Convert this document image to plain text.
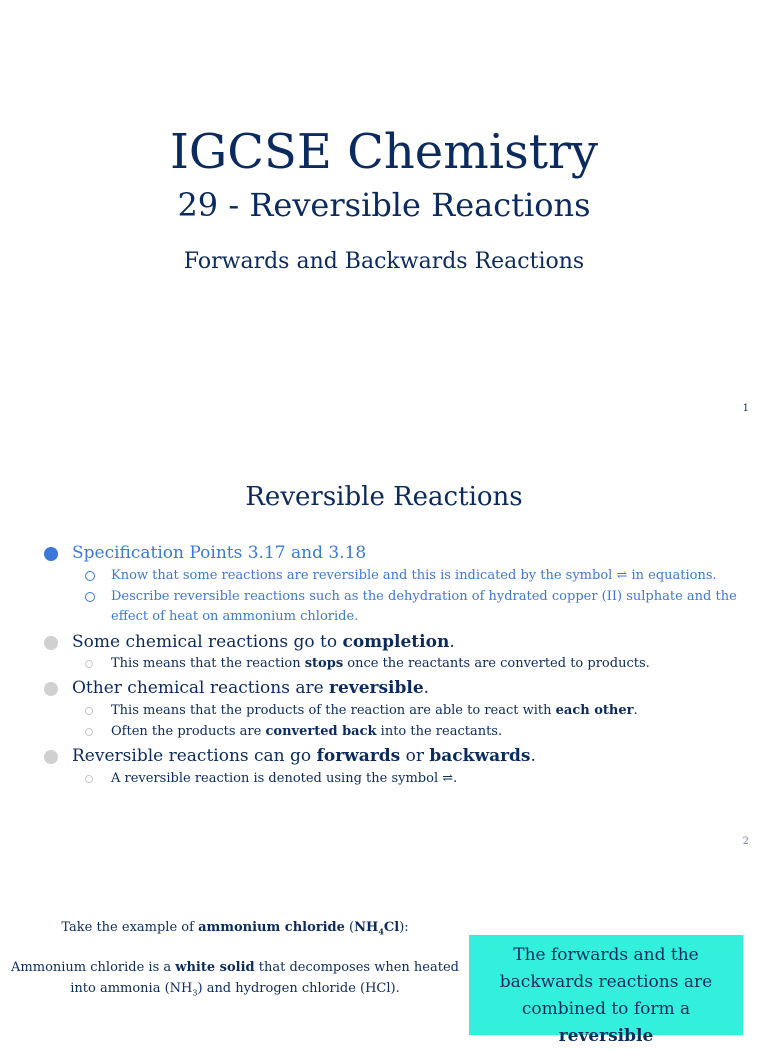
IGCSE Chemistry
29 - Reversible Reactions
Forwards and Backwards Reactions
1
Reversible Reactions
Specification Points 3.17 and 3.18
Know that some reactions are reversible and this is indicated by the symbol ⇌ in equations.
Describe reversible reactions such as the dehydration of hydrated copper (II) sulphate and the
effect of heat on ammonium chloride.
Some chemical reactions go to completion.
This means that the reaction stops once the reactants are converted to products.
Other chemical reactions are reversible.
This means that the products of the reaction are able to react with each other.
Often the products are converted back into the reactants.
Reversible reactions can go forwards or backwards.
A reversible reaction is denoted using the symbol ⇌.
2
Take the example of ammonium chloride $(NH_4Cl)$:
Ammonium chloride is a white solid that decomposes when heated
into ammonia $(NH_3)$ and hydrogen chloride (HCl).
The forwards and the
backwards reactions are
combined to form a reversible
